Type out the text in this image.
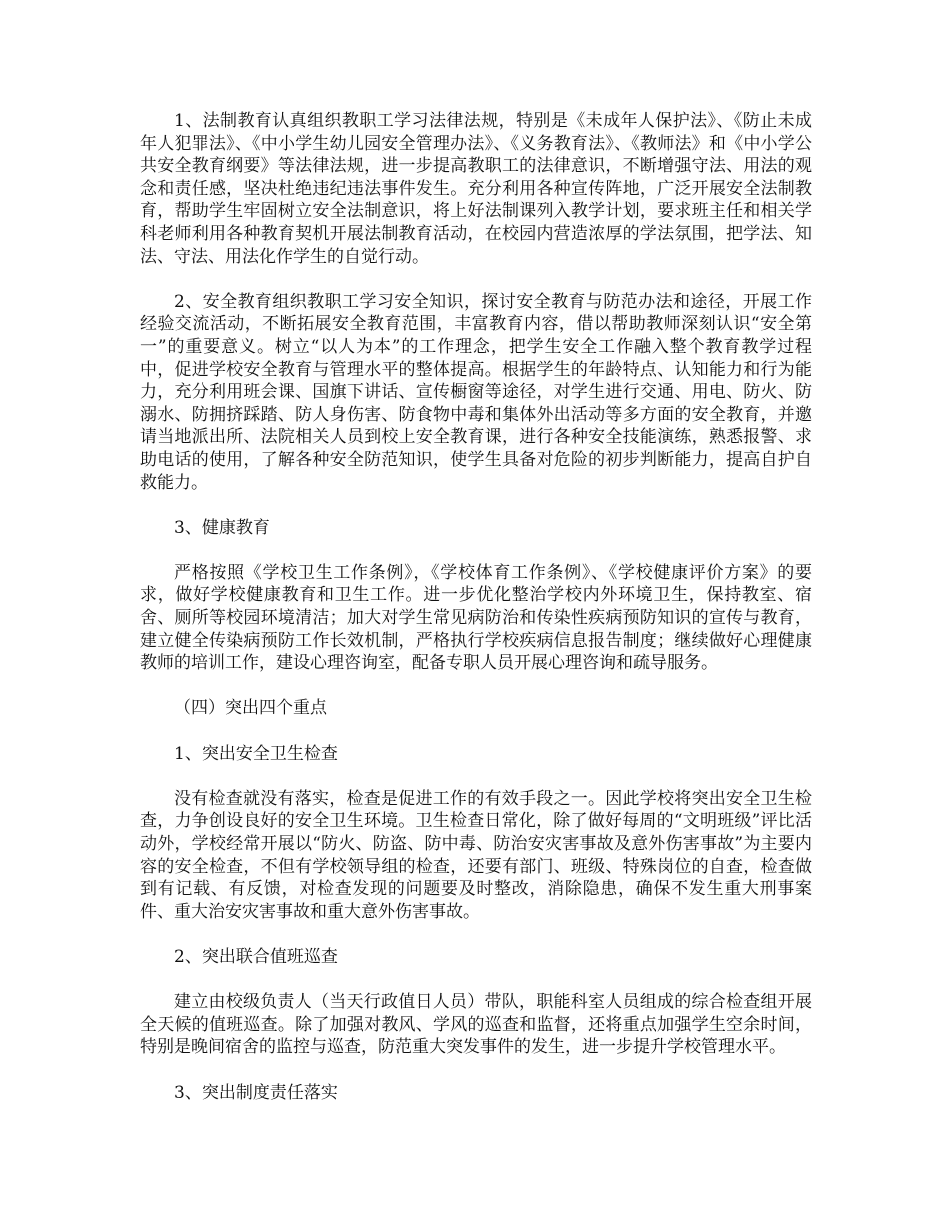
1、法制教育认真组织教职工学习法律法规，特别是《未成年人保护法》、《防止未成年人犯罪法》、《中小学生幼儿园安全管理办法》、《义务教育法》、《教师法》和《中小学公共安全教育纲要》等法律法规，进一步提高教职工的法律意识，不断增强守法、用法的观念和责任感，坚决杜绝违纪违法事件发生。充分利用各种宣传阵地，广泛开展安全法制教育，帮助学生牢固树立安全法制意识，将上好法制课列入教学计划，要求班主任和相关学科老师利用各种教育契机开展法制教育活动，在校园内营造浓厚的学法氛围，把学法、知法、守法、用法化作学生的自觉行动。

2、安全教育组织教职工学习安全知识，探讨安全教育与防范办法和途径，开展工作经验交流活动，不断拓展安全教育范围，丰富教育内容，借以帮助教师深刻认识“安全第一”的重要意义。树立“以人为本”的工作理念，把学生安全工作融入整个教育教学过程中，促进学校安全教育与管理水平的整体提高。根据学生的年龄特点、认知能力和行为能力，充分利用班会课、国旗下讲话、宣传橱窗等途径，对学生进行交通、用电、防火、防溺水、防拥挤踩踏、防人身伤害、防食物中毒和集体外出活动等多方面的安全教育，并邀请当地派出所、法院相关人员到校上安全教育课，进行各种安全技能演练，熟悉报警、求助电话的使用，了解各种安全防范知识，使学生具备对危险的初步判断能力，提高自护自救能力。

3、健康教育

严格按照《学校卫生工作条例》，《学校体育工作条例》、《学校健康评价方案》的要求，做好学校健康教育和卫生工作。进一步优化整治学校内外环境卫生，保持教室、宿舍、厕所等校园环境清洁；加大对学生常见病防治和传染性疾病预防知识的宣传与教育，建立健全传染病预防工作长效机制，严格执行学校疾病信息报告制度；继续做好心理健康教师的培训工作，建设心理咨询室，配备专职人员开展心理咨询和疏导服务。

（四）突出四个重点

1、突出安全卫生检查

没有检查就没有落实，检查是促进工作的有效手段之一。因此学校将突出安全卫生检查，力争创设良好的安全卫生环境。卫生检查日常化，除了做好每周的“文明班级”评比活动外，学校经常开展以“防火、防盗、防中毒、防治安灾害事故及意外伤害事故”为主要内容的安全检查，不但有学校领导组的检查，还要有部门、班级、特殊岗位的自查，检查做到有记载、有反馈，对检查发现的问题要及时整改，消除隐患，确保不发生重大刑事案件、重大治安灾害事故和重大意外伤害事故。

2、突出联合值班巡查

建立由校级负责人（当天行政值日人员）带队，职能科室人员组成的综合检查组开展全天候的值班巡查。除了加强对教风、学风的巡查和监督，还将重点加强学生空余时间，特别是晚间宿舍的监控与巡查，防范重大突发事件的发生，进一步提升学校管理水平。

3、突出制度责任落实
